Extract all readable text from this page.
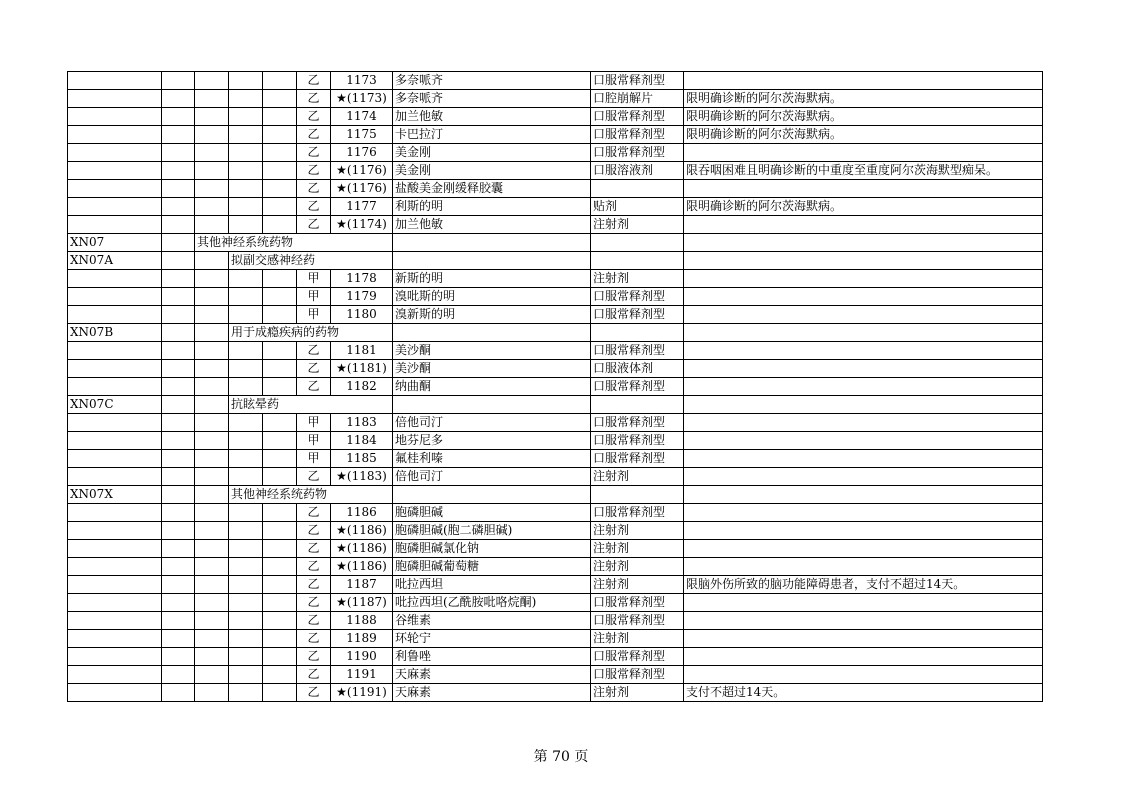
					乙	1173	多奈哌齐	口服常释剂型	
					乙	★(1173)	多奈哌齐	口腔崩解片	限明确诊断的阿尔茨海默病。
					乙	1174	加兰他敏	口服常释剂型	限明确诊断的阿尔茨海默病。
					乙	1175	卡巴拉汀	口服常释剂型	限明确诊断的阿尔茨海默病。
					乙	1176	美金刚	口服常释剂型	
					乙	★(1176)	美金刚	口服溶液剂	限吞咽困难且明确诊断的中重度至重度阿尔茨海默型痴呆。
					乙	★(1176)	盐酸美金刚缓释胶囊		
					乙	1177	利斯的明	贴剂	限明确诊断的阿尔茨海默病。
					乙	★(1174)	加兰他敏	注射剂	
XN07		其他神经系统药物							

XN07A			拟副交感神经药						

					甲	1178	新斯的明	注射剂	
					甲	1179	溴吡斯的明	口服常释剂型	
					甲	1180	溴新斯的明	口服常释剂型	
XN07B			用于成瘾疾病的药物						

					乙	1181	美沙酮	口服常释剂型	
					乙	★(1181)	美沙酮	口服液体剂	
					乙	1182	纳曲酮	口服常释剂型	
XN07C			抗眩晕药						

					甲	1183	倍他司汀	口服常释剂型	
					甲	1184	地芬尼多	口服常释剂型	
					甲	1185	氟桂利嗪	口服常释剂型	
					乙	★(1183)	倍他司汀	注射剂	
XN07X			其他神经系统药物						

					乙	1186	胞磷胆碱	口服常释剂型	
					乙	★(1186)	胞磷胆碱(胞二磷胆碱)	注射剂	
					乙	★(1186)	胞磷胆碱氯化钠	注射剂	
					乙	★(1186)	胞磷胆碱葡萄糖	注射剂	
					乙	1187	吡拉西坦	注射剂	限脑外伤所致的脑功能障碍患者，支付不超过14天。
					乙	★(1187)	吡拉西坦(乙酰胺吡咯烷酮)	口服常释剂型	
					乙	1188	谷维素	口服常释剂型	
					乙	1189	环轮宁	注射剂	
					乙	1190	利鲁唑	口服常释剂型	
					乙	1191	天麻素	口服常释剂型	
					乙	★(1191)	天麻素	注射剂	支付不超过14天。
第 70 页
